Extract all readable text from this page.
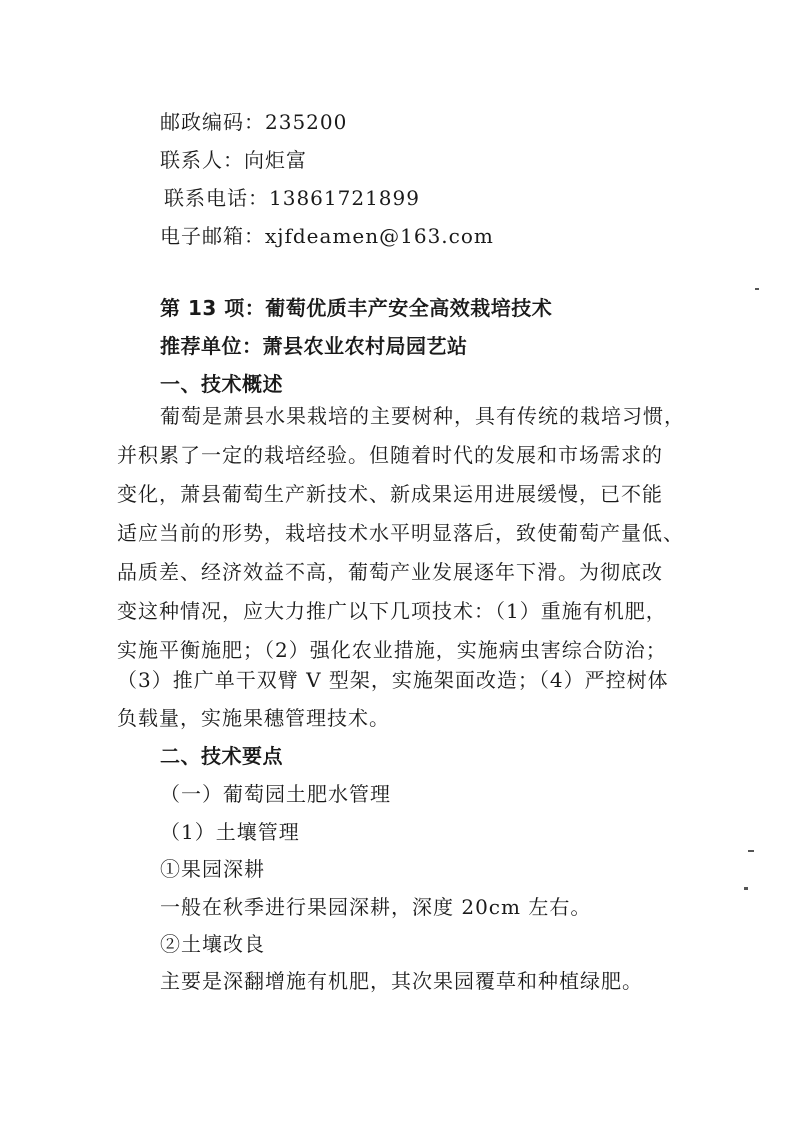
邮政编码：235200
联系人：向炬富
联系电话：13861721899
电子邮箱：xjfdeamen@163.com
第 13 项：葡萄优质丰产安全高效栽培技术
推荐单位：萧县农业农村局园艺站
一、技术概述
葡萄是萧县水果栽培的主要树种，具有传统的栽培习惯，
并积累了一定的栽培经验。但随着时代的发展和市场需求的
变化，萧县葡萄生产新技术、新成果运用进展缓慢，已不能
适应当前的形势，栽培技术水平明显落后，致使葡萄产量低、
品质差、经济效益不高，葡萄产业发展逐年下滑。为彻底改
变这种情况，应大力推广以下几项技术：（1）重施有机肥，
实施平衡施肥；（2）强化农业措施，实施病虫害综合防治；
（3）推广单干双臂 V 型架，实施架面改造；（4）严控树体
负载量，实施果穗管理技术。
二、技术要点
（一）葡萄园土肥水管理
（1）土壤管理
①果园深耕
一般在秋季进行果园深耕，深度 20cm 左右。
②土壤改良
主要是深翻增施有机肥，其次果园覆草和种植绿肥。
